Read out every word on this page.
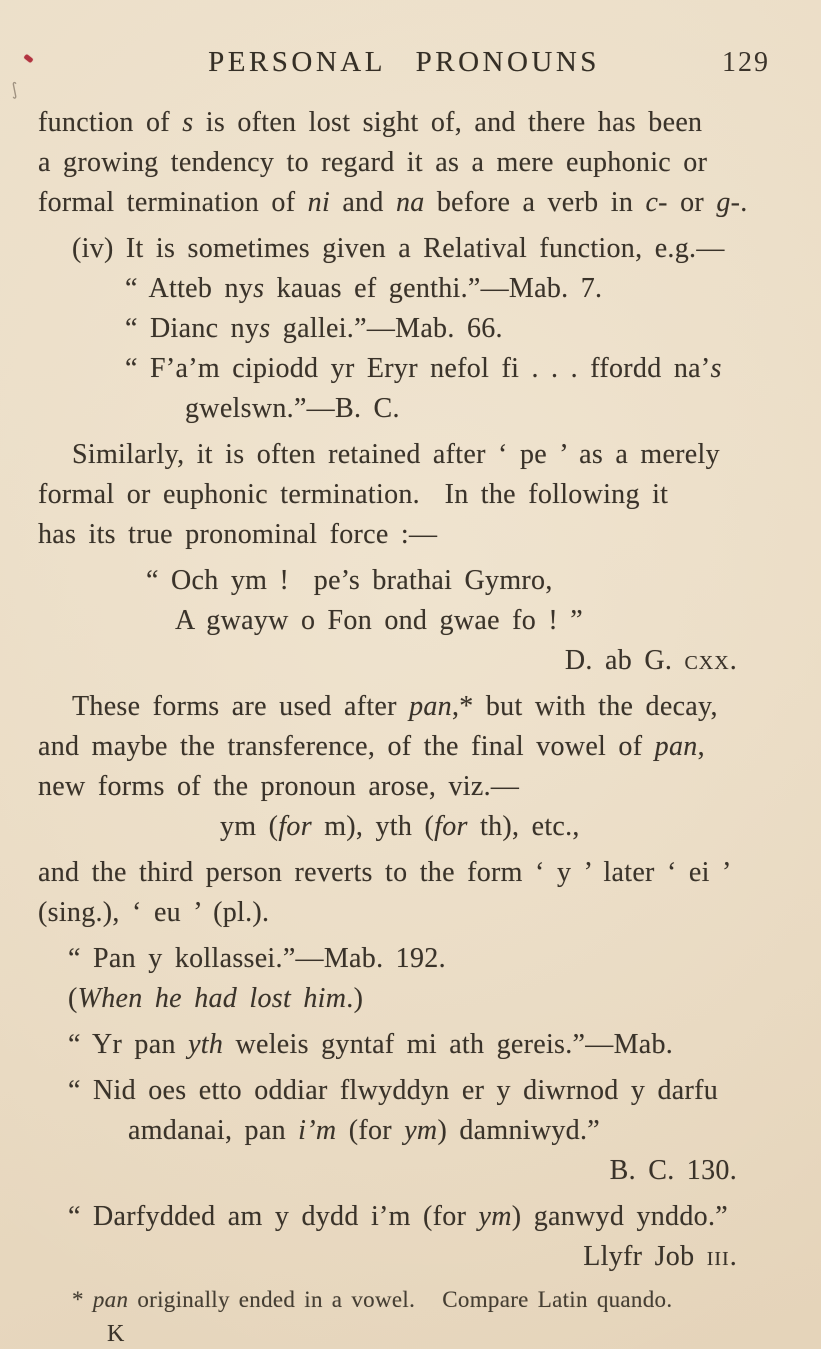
∫
PERSONAL PRONOUNS	129
function of s is often lost sight of, and there has been
a growing tendency to regard it as a mere euphonic or
formal termination of ni and na before a verb in c- or g-.
(iv) It is sometimes given a Relatival function, e.g.—
“ Atteb nys kauas ef genthi.”—Mab. 7.
“ Dianc nys gallei.”—Mab. 66.
“ F’a’m cipiodd yr Eryr nefol fi . . . ffordd na’s
gwelswn.”—B. C.
Similarly, it is often retained after ‘ pe ’ as a merely
formal or euphonic termination.  In the following it
has its true pronominal force :—
“ Och ym !  pe’s brathai Gymro,
A gwayw o Fon ond gwae fo ! ”
D. ab G. cxx.
These forms are used after pan,* but with the decay,
and maybe the transference, of the final vowel of pan,
new forms of the pronoun arose, viz.—
ym (for m), yth (for th), etc.,
and the third person reverts to the form ‘ y ’ later ‘ ei ’
(sing.), ‘ eu ’ (pl.).
“ Pan y kollassei.”—Mab. 192.
(When he had lost him.)
“ Yr pan yth weleis gyntaf mi ath gereis.”—Mab.
“ Nid oes etto oddiar flwyddyn er y diwrnod y darfu
amdanai, pan i’m (for ym) damniwyd.”
B. C. 130.
“ Darfydded am y dydd i’m (for ym) ganwyd ynddo.”
Llyfr Job iii.
* pan originally ended in a vowel.   Compare Latin quando.
K
